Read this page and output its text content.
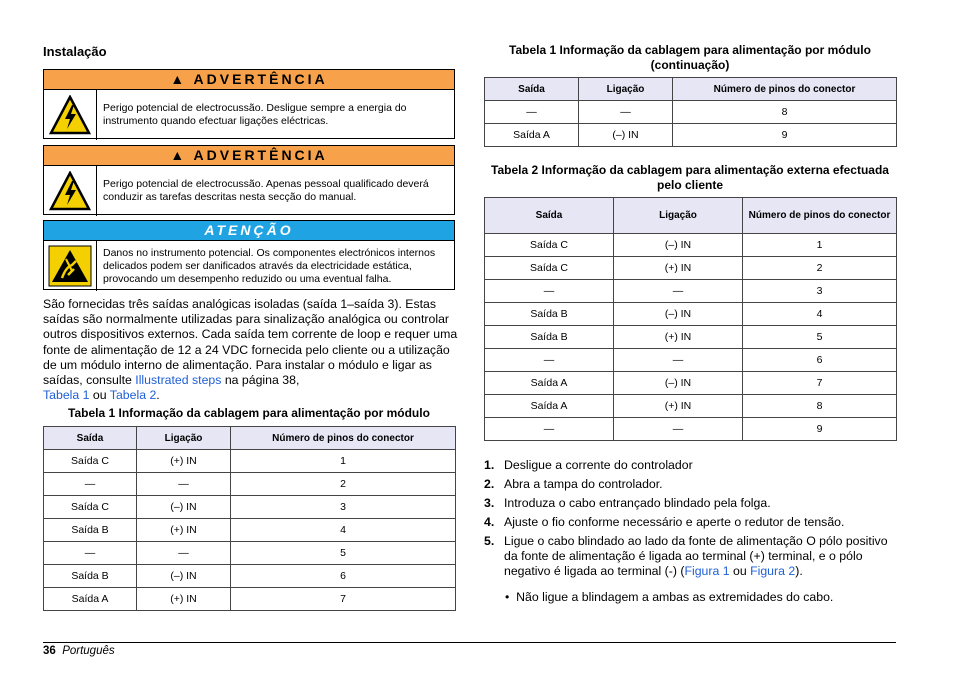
Instalação
▲ ADVERTÊNCIA
Perigo potencial de electrocussão. Desligue sempre a energia do instrumento quando efectuar ligações eléctricas.
▲ ADVERTÊNCIA
Perigo potencial de electrocussão. Apenas pessoal qualificado deverá conduzir as tarefas descritas nesta secção do manual.
ATENÇÃO
Danos no instrumento potencial. Os componentes electrónicos internos delicados podem ser danificados através da electricidade estática, provocando um desempenho reduzido ou uma eventual falha.
São fornecidas três saídas analógicas isoladas (saída 1–saída 3). Estas saídas são normalmente utilizadas para sinalização analógica ou controlar outros dispositivos externos. Cada saída tem corrente de loop e requer uma fonte de alimentação de 12 a 24 VDC fornecida pelo cliente ou a utilização de um módulo interno de alimentação. Para instalar o módulo e ligar as saídas, consulte Illustrated steps na página 38,
Tabela 1 ou Tabela 2.
Tabela 1 Informação da cablagem para alimentação por módulo
Saída	Ligação	Número de pinos do conector
Saída C	(+) IN	1
—	—	2
Saída C	(–) IN	3
Saída B	(+) IN	4
—	—	5
Saída B	(–) IN	6
Saída A	(+) IN	7
Tabela 1 Informação da cablagem para alimentação por módulo (continuação)
Saída	Ligação	Número de pinos do conector
—	—	8
Saída A	(–) IN	9
Tabela 2 Informação da cablagem para alimentação externa efectuada pelo cliente
Saída	Ligação	Número de pinos do conector
Saída C	(–) IN	1
Saída C	(+) IN	2
—	—	3
Saída B	(–) IN	4
Saída B	(+) IN	5
—	—	6
Saída A	(–) IN	7
Saída A	(+) IN	8
—	—	9
1. Desligue a corrente do controlador
2. Abra a tampa do controlador.
3. Introduza o cabo entrançado blindado pela folga.
4. Ajuste o fio conforme necessário e aperte o redutor de tensão.
5. Ligue o cabo blindado ao lado da fonte de alimentação O pólo positivo da fonte de alimentação é ligada ao terminal (+) terminal, e o pólo negativo é ligada ao terminal (-) (Figura 1 ou Figura 2).
• Não ligue a blindagem a ambas as extremidades do cabo.
36 Português
